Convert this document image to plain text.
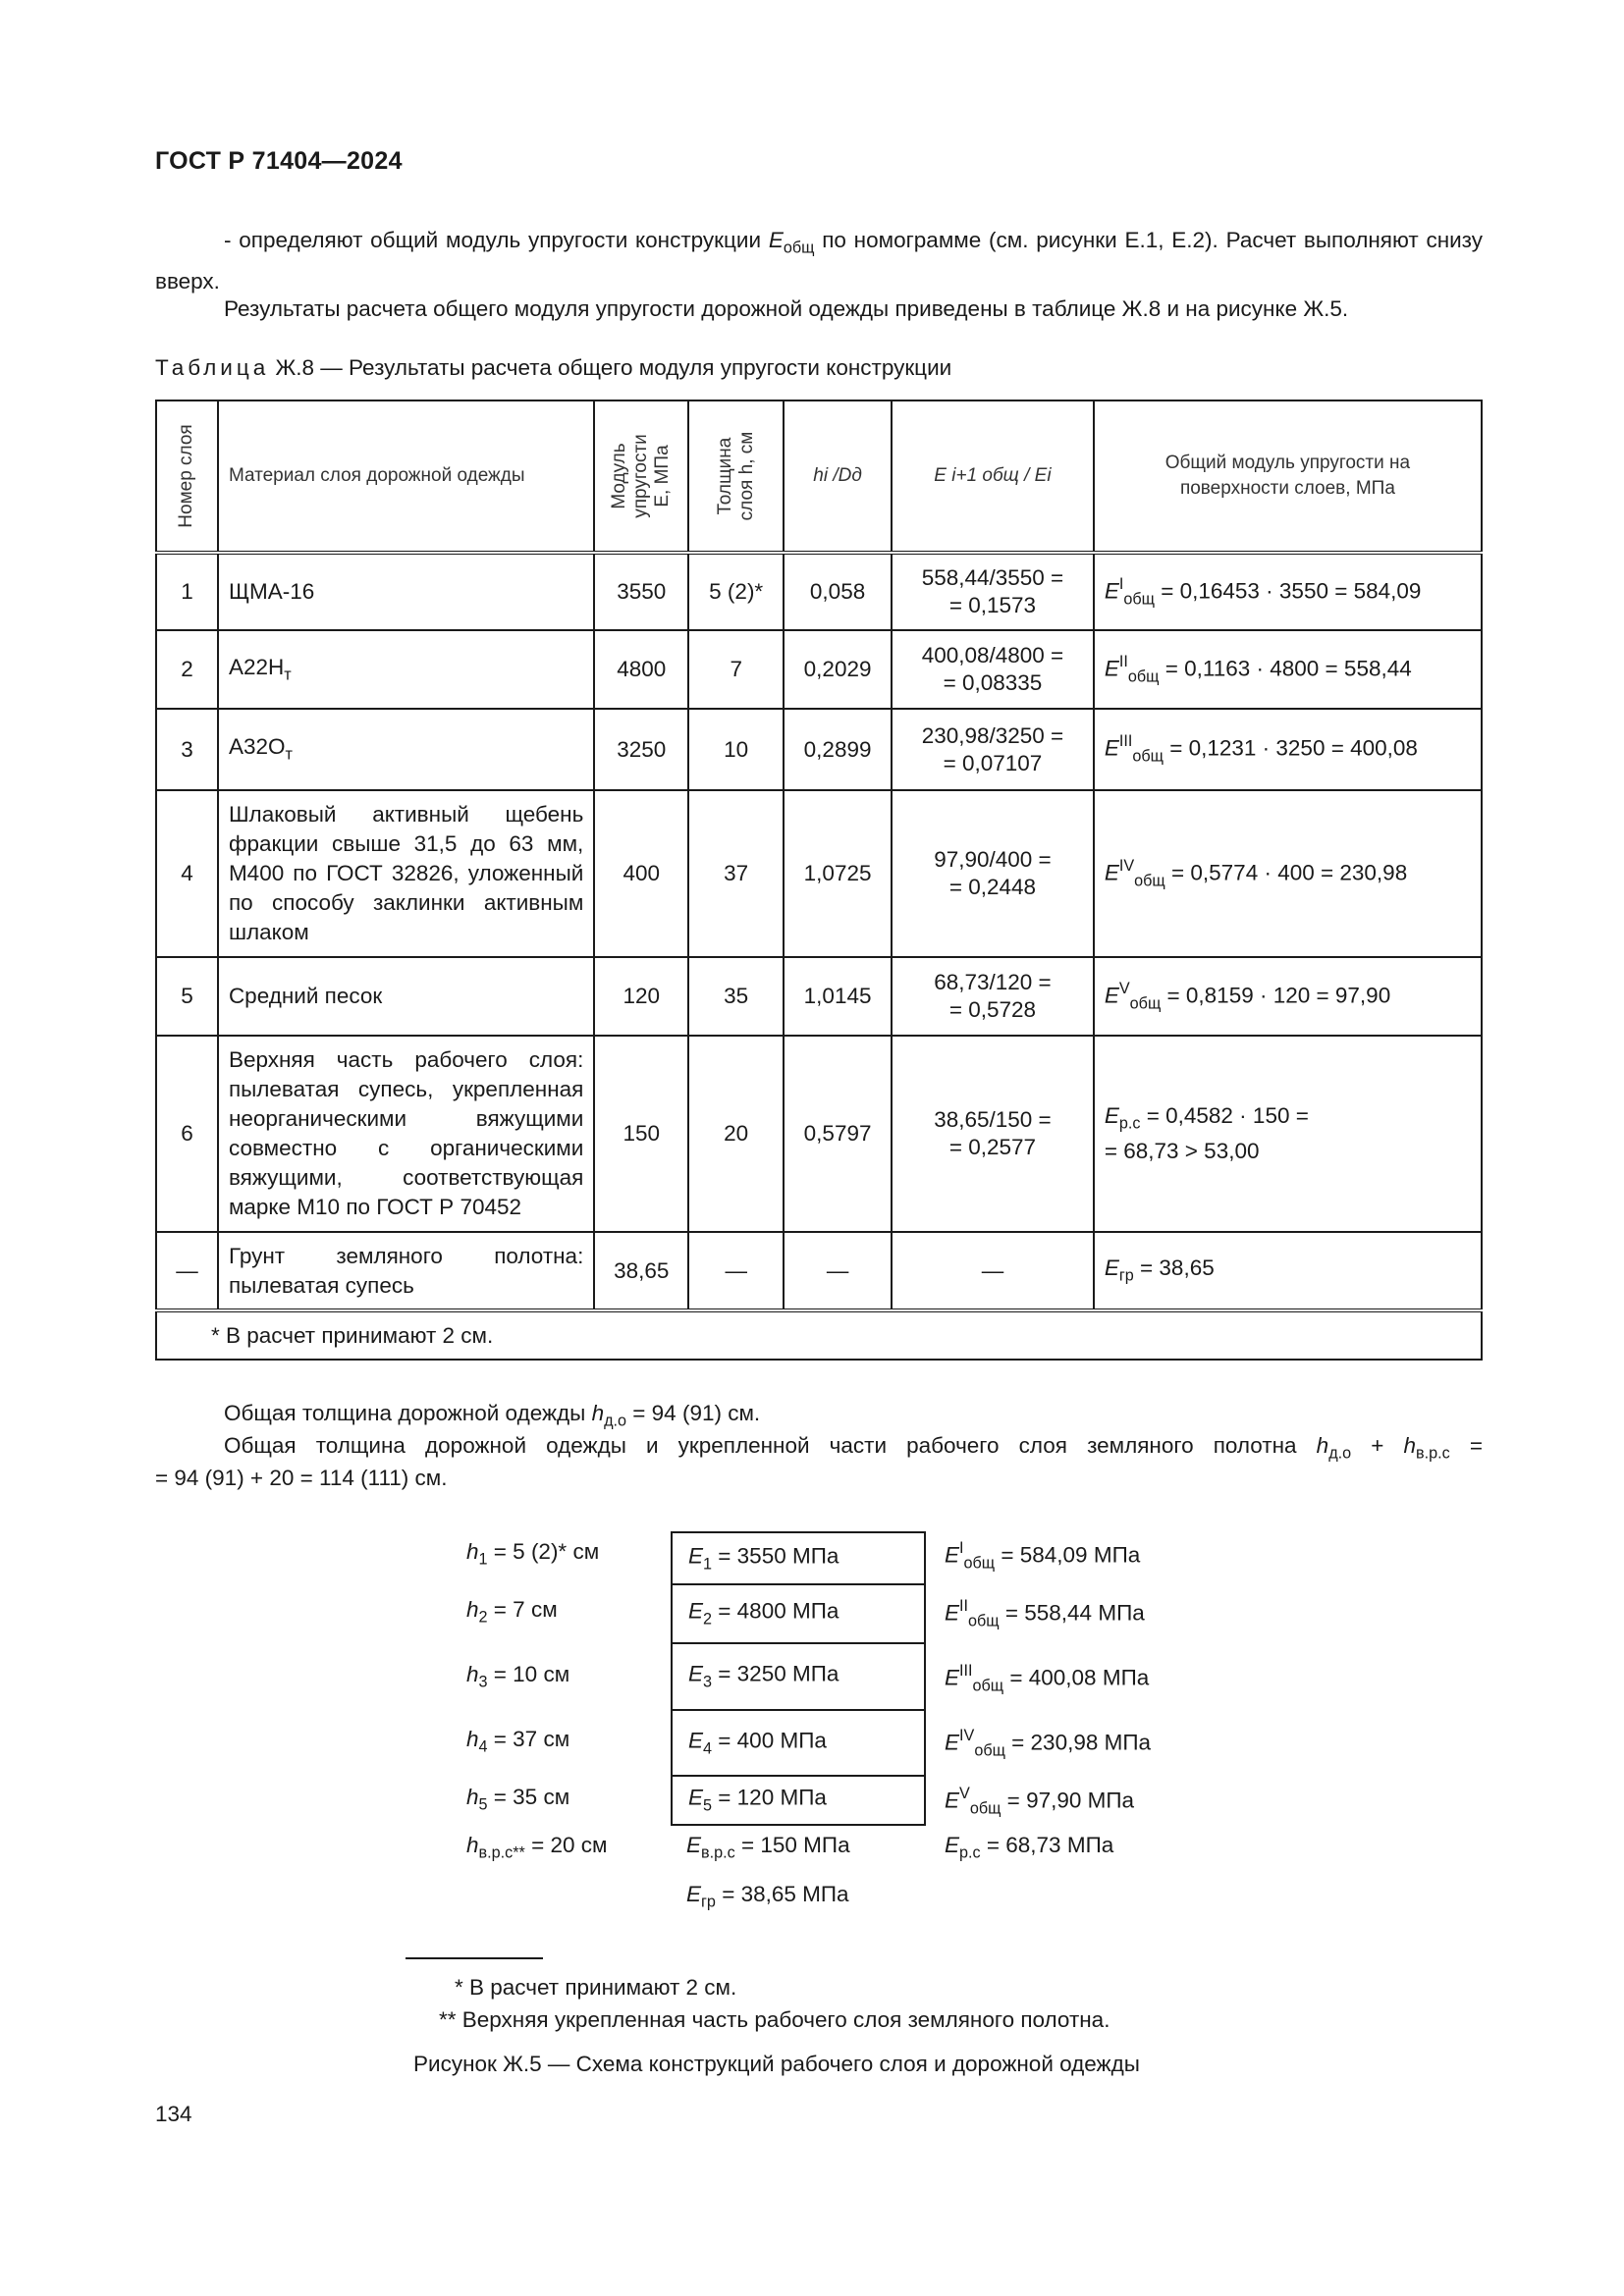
ГОСТ Р 71404—2024
- определяют общий модуль упругости конструкции $E_{общ}$ по номограмме (см. рисунки Е.1, Е.2). Расчет выполняют снизу вверх.
Результаты расчета общего модуля упругости дорожной одежды приведены в таблице Ж.8 и на рисунке Ж.5.
Таблица Ж.8 — Результаты расчета общего модуля упругости конструкции
Номер слоя	Материал слоя дорожной одежды	Модуль
упругости
E, МПа	Толщина
слоя h, см	hi /Dд	E i+1 общ / Ei	Общий модуль упругости на
поверхности слоев, МПа
1	ЩМА-16	3550	5 (2)*	0,058	558,44/3550 =
= 0,1573	$E^I_{общ} = 0,16453 \cdot 3550 = 584,09$
2	$А22Н_т$	4800	7	0,2029	400,08/4800 =
= 0,08335	$E^{II}_{общ} = 0,1163 \cdot 4800 = 558,44$
3	$А32О_т$	3250	10	0,2899	230,98/3250 =
= 0,07107	$E^{III}_{общ} = 0,1231 \cdot 3250 = 400,08$
4	Шлаковый активный щебень фракции свыше 31,5 до 63 мм, М400 по ГОСТ 32826, уложенный по способу заклинки активным шлаком	400	37	1,0725	97,90/400 =
= 0,2448	$E^{IV}_{общ} = 0,5774 \cdot 400 = 230,98$
5	Средний песок	120	35	1,0145	68,73/120 =
= 0,5728	$E^V_{общ} = 0,8159 \cdot 120 = 97,90$
6	Верхняя часть рабочего слоя: пылеватая супесь, укрепленная неорганическими вяжущими совместно с органическими вяжущими, соответствующая марке М10 по ГОСТ Р 70452	150	20	0,5797	38,65/150 =
= 0,2577	$E_{р.с} = 0,4582 \cdot 150$ =
= 68,73 > 53,00
—	Грунт земляного полотна: пылеватая супесь	38,65	—	—	—	$E_{гр} = 38,65$
* В расчет принимают 2 см.						
Общая толщина дорожной одежды $h_{д.о} = 94$ (91) см.
Общая толщина дорожной одежды и укрепленной части рабочего слоя земляного полотна $h_{д.о} + h_{в.р.с}$ =
= 94 (91) + 20 = 114 (111) см.
$h_1 = 5$ (2)* см
$h_2 = 7$ см
$h_3 = 10$ см
$h_4 = 37$ см
$h_5 = 35$ см
$h_{в.р.с**} = 20$ см
$E_1 = 3550$ МПа
$E_2 = 4800$ МПа
$E_3 = 3250$ МПа
$E_4 = 400$ МПа
$E_5 = 120$ МПа
$E_{в.р.с} = 150$ МПа
$E_{гр} = 38,65$ МПа
$E^I_{общ} = 584,09$ МПа
$E^{II}_{общ} = 558,44$ МПа
$E^{III}_{общ} = 400,08$ МПа
$E^{IV}_{общ} = 230,98$ МПа
$E^V_{общ} = 97,90$ МПа
$E_{р.с} = 68,73$ МПа
* В расчет принимают 2 см.
** Верхняя укрепленная часть рабочего слоя земляного полотна.
Рисунок Ж.5 — Схема конструкций рабочего слоя и дорожной одежды
134
